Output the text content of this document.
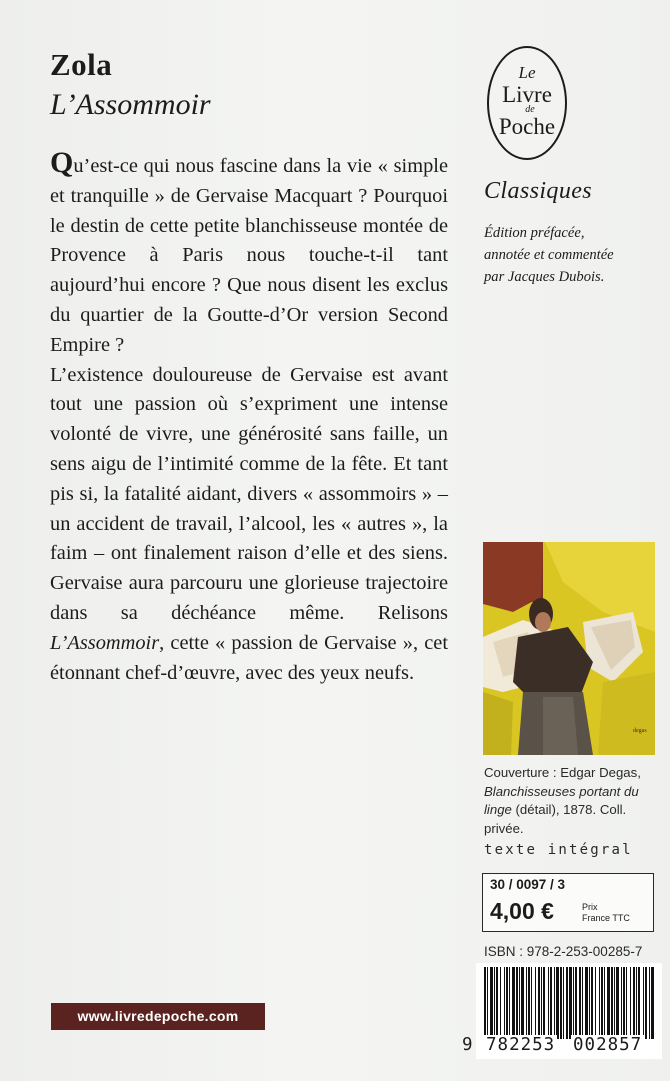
Zola
L’Assommoir

Qu’est-ce qui nous fascine dans la vie « simple et tranquille » de Gervaise Macquart ? Pourquoi le destin de cette petite blanchisseuse montée de Provence à Paris nous touche-t-il tant aujourd’hui encore ? Que nous disent les exclus du quartier de la Goutte-d’Or version Second Empire ?

L’existence douloureuse de Gervaise est avant tout une passion où s’expriment une intense volonté de vivre, une générosité sans faille, un sens aigu de l’intimité comme de la fête. Et tant pis si, la fatalité aidant, divers « assommoirs » – un accident de travail, l’alcool, les « autres », la faim – ont finalement raison d’elle et des siens. Gervaise aura parcouru une glorieuse trajectoire dans sa déchéance même. Relisons L’Assommoir, cette « passion de Gervaise », cet étonnant chef-d’œuvre, avec des yeux neufs.

Le
Livre
de
Poche
Classiques
Édition préfacée,
annotée et commentée
par Jacques Dubois.
degas
Couverture : Edgar Degas, Blanchisseuses portant du linge (détail), 1878. Coll. privée.
texte intégral
30 / 0097 / 3
4,00 €	Prix
France TTC
ISBN : 978-2-253-00285-7
9 782253 002857
www.livredepoche.com
